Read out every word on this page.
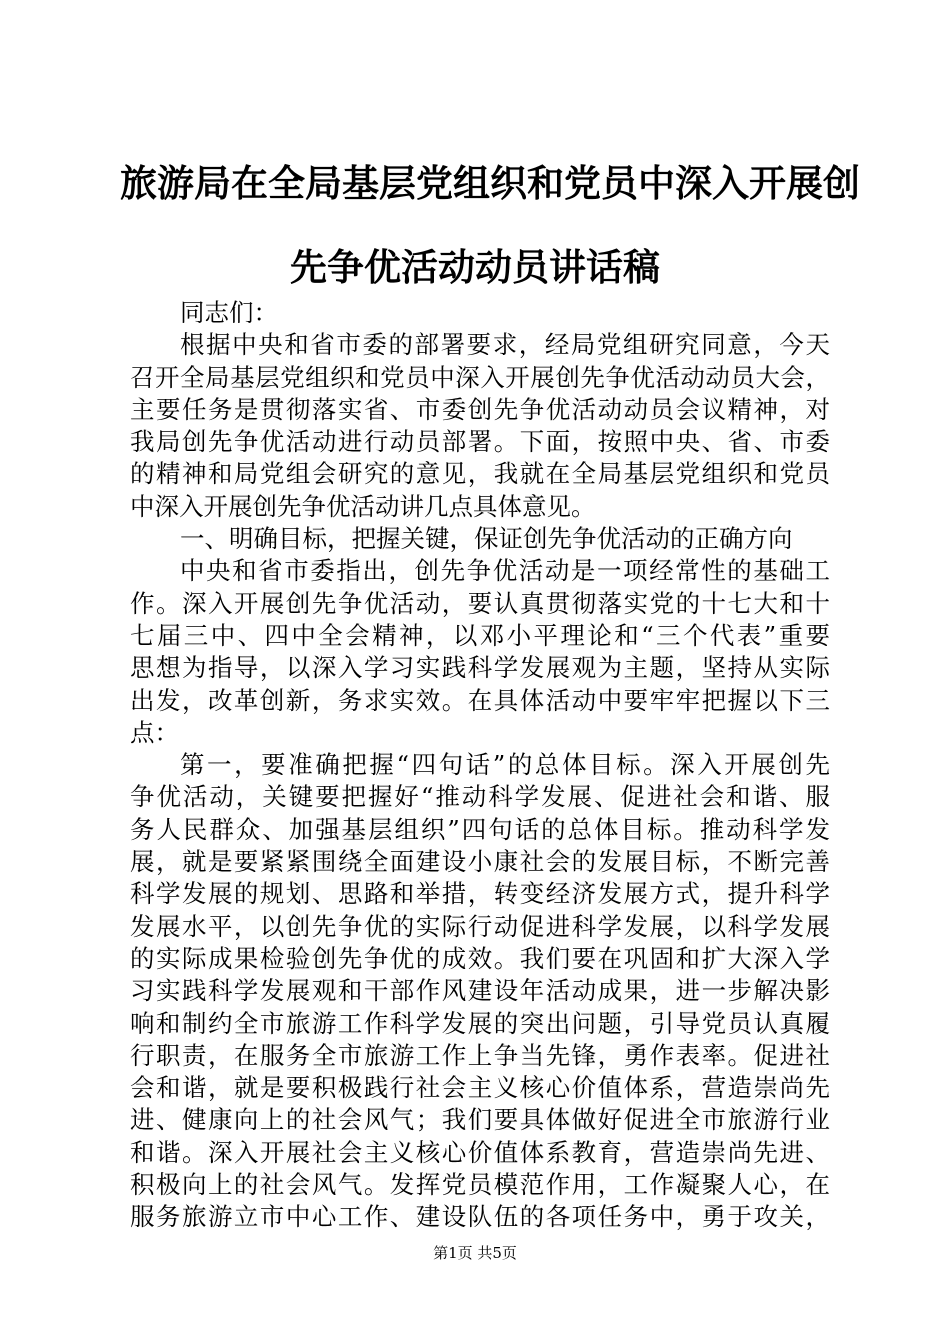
旅游局在全局基层党组织和党员中深入开展创
先争优活动动员讲话稿
同志们：
根据中央和省市委的部署要求，经局党组研究同意，今天
召开全局基层党组织和党员中深入开展创先争优活动动员大会，
主要任务是贯彻落实省、市委创先争优活动动员会议精神，对
我局创先争优活动进行动员部署。下面，按照中央、省、市委
的精神和局党组会研究的意见，我就在全局基层党组织和党员
中深入开展创先争优活动讲几点具体意见。
一、明确目标，把握关键，保证创先争优活动的正确方向
中央和省市委指出，创先争优活动是一项经常性的基础工
作。深入开展创先争优活动，要认真贯彻落实党的十七大和十
七届三中、四中全会精神，以邓小平理论和“三个代表”重要
思想为指导，以深入学习实践科学发展观为主题，坚持从实际
出发，改革创新，务求实效。在具体活动中要牢牢把握以下三
点：
第一，要准确把握“四句话”的总体目标。深入开展创先
争优活动，关键要把握好“推动科学发展、促进社会和谐、服
务人民群众、加强基层组织”四句话的总体目标。推动科学发
展，就是要紧紧围绕全面建设小康社会的发展目标，不断完善
科学发展的规划、思路和举措，转变经济发展方式，提升科学
发展水平，以创先争优的实际行动促进科学发展，以科学发展
的实际成果检验创先争优的成效。我们要在巩固和扩大深入学
习实践科学发展观和干部作风建设年活动成果，进一步解决影
响和制约全市旅游工作科学发展的突出问题，引导党员认真履
行职责，在服务全市旅游工作上争当先锋，勇作表率。促进社
会和谐，就是要积极践行社会主义核心价值体系，营造崇尚先
进、健康向上的社会风气；我们要具体做好促进全市旅游行业
和谐。深入开展社会主义核心价值体系教育，营造崇尚先进、
积极向上的社会风气。发挥党员模范作用，工作凝聚人心，在
服务旅游立市中心工作、建设队伍的各项任务中，勇于攻关，
第1页 共5页
